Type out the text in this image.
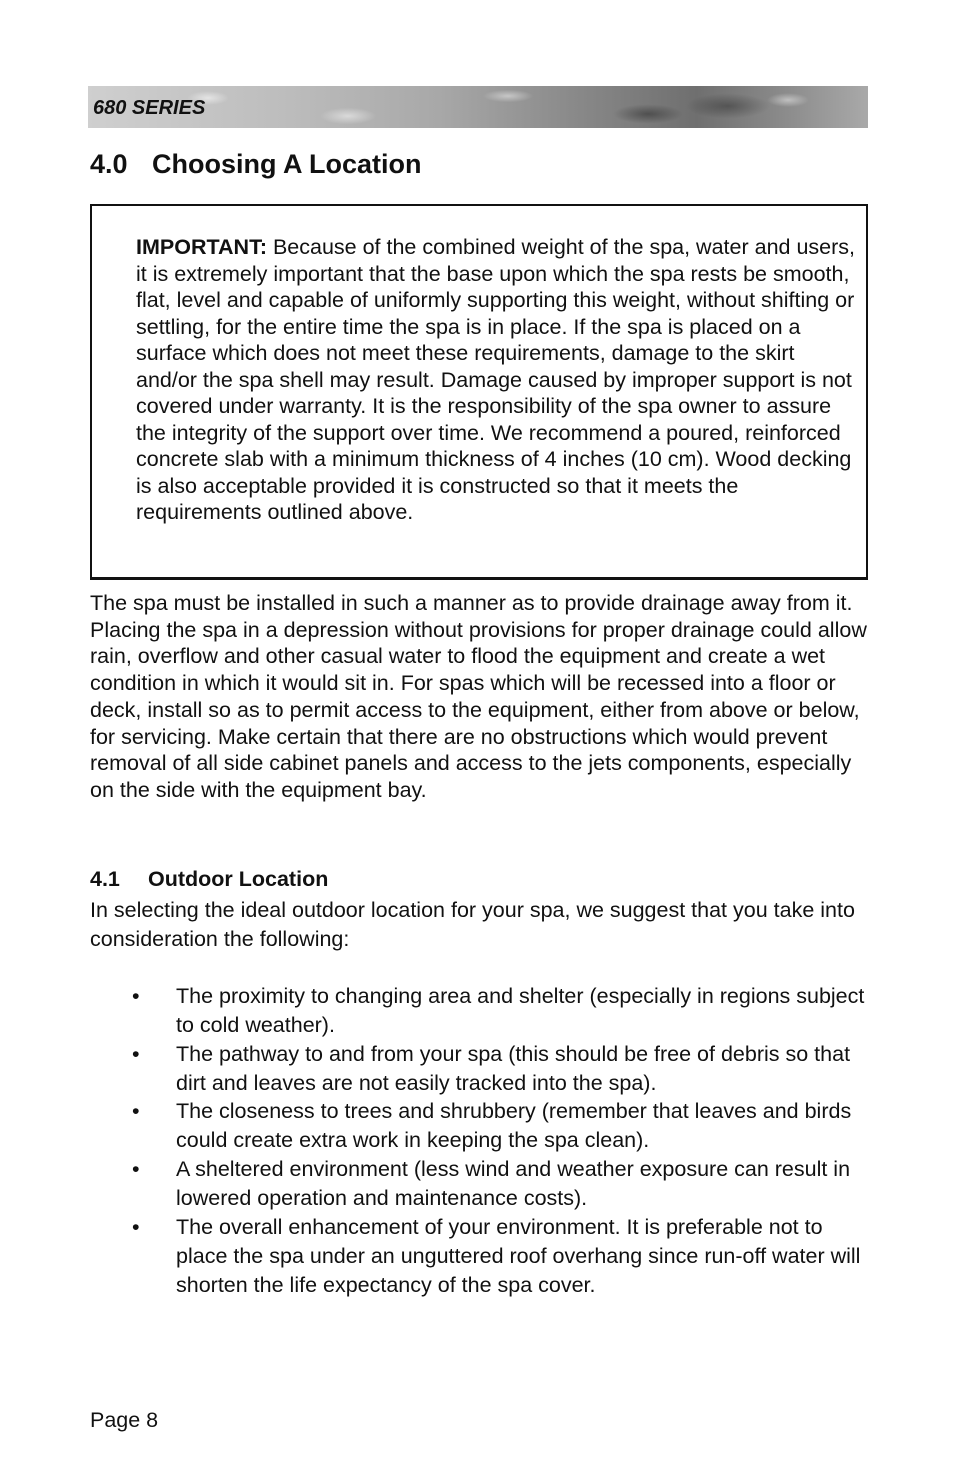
680 SERIES
4.0 Choosing A Location

IMPORTANT: Because of the combined weight of the spa, water and users, it is extremely important that the base upon which the spa rests be smooth, flat, level and capable of uniformly supporting this weight, without shifting or settling, for the entire time the spa is in place. If the spa is placed on a surface which does not meet these requirements, damage to the skirt and/or the spa shell may result. Damage caused by improper support is not covered under warranty. It is the responsibility of the spa owner to assure the integrity of the support over time. We recommend a poured, reinforced concrete slab with a minimum thickness of 4 inches (10 cm). Wood decking is also acceptable provided it is constructed so that it meets the requirements outlined above.

The spa must be installed in such a manner as to provide drainage away from it. Placing the spa in a depression without provisions for proper drainage could allow rain, overflow and other casual water to flood the equipment and create a wet condition in which it would sit in. For spas which will be recessed into a floor or deck, install so as to permit access to the equipment, either from above or below, for servicing. Make certain that there are no obstructions which would prevent removal of all side cabinet panels and access to the jets components, especially on the side with the equipment bay.

4.1 Outdoor Location

In selecting the ideal outdoor location for your spa, we suggest that you take into consideration the following:

• The proximity to changing area and shelter (especially in regions subject to cold weather).
• The pathway to and from your spa (this should be free of debris so that dirt and leaves are not easily tracked into the spa).
• The closeness to trees and shrubbery (remember that leaves and birds could create extra work in keeping the spa clean).
• A sheltered environment (less wind and weather exposure can result in lowered operation and maintenance costs).
• The overall enhancement of your environment. It is preferable not to place the spa under an unguttered roof overhang since run-off water will shorten the life expectancy of the spa cover.
Page 8
